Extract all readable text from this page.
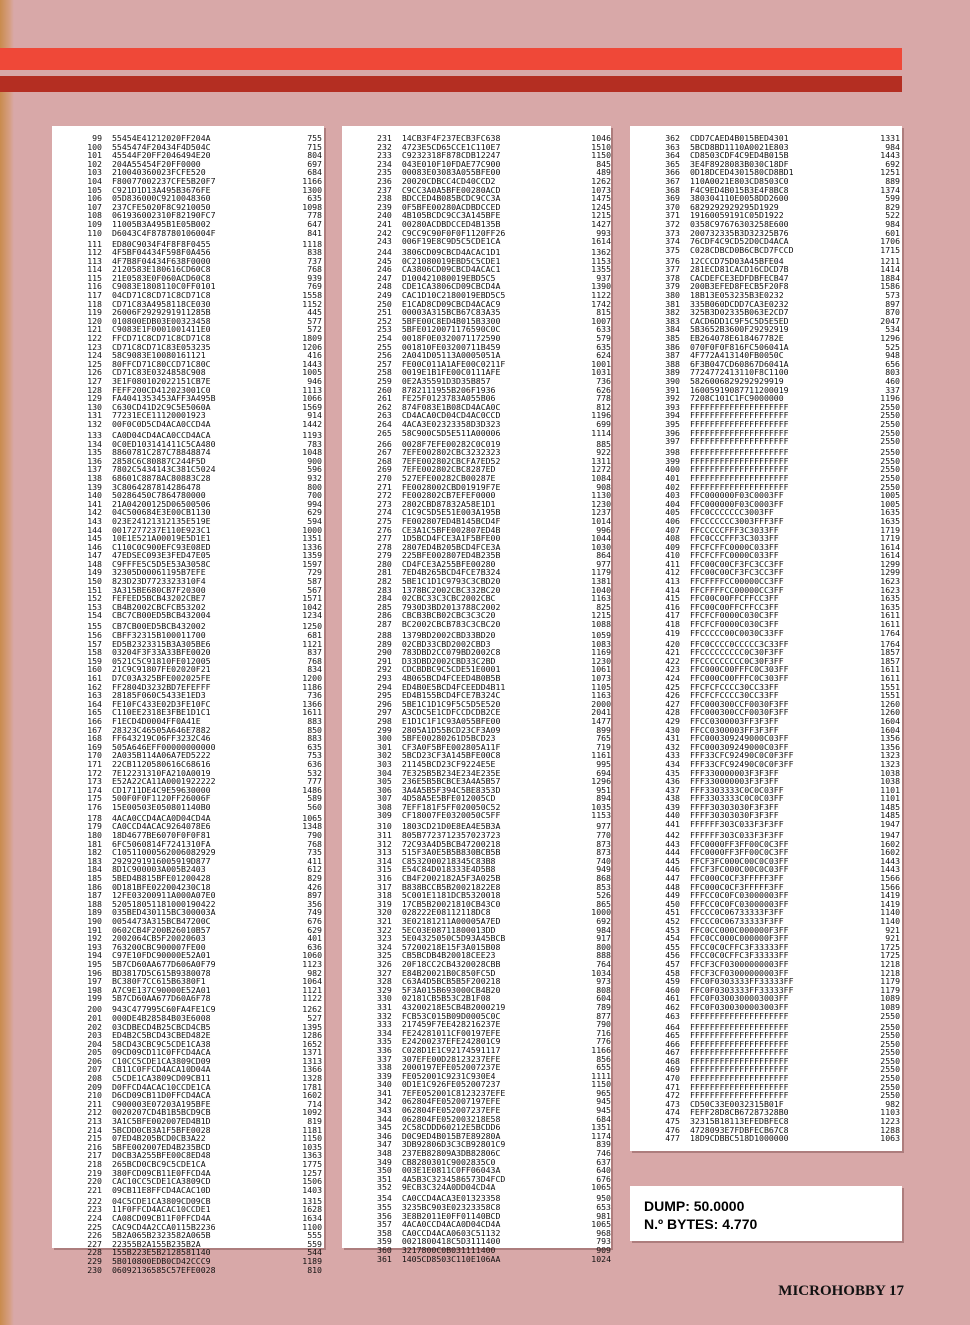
99	55454E41212020FF204A	755
100	5545474F20434F4D504C	715
101	45544F20FF2046494E20	804
102	204A55454F20FF0000	697
103	210040360023FCFE520	684
104	F80077002237CFE5B20F7	1166
105	C921D1D13A495B3676FE	1300
106	05D836000C9210048360	635
107	237CFE5020F8C9210050	1098
108	061936002310F82190FC7	778
109	11005B3A495B1E05B002	647
110	D6043C4F878780106004F	841
111	ED80C9034F4F8F8F0455	1118
112	4F5BF04434F598F0A456	838
113	4F7B8F04434F638F0000	737
114	2120583E180616CD60C8	768
115	21E0583E0F060ACD60C8	939
116	C9083E1808110C0FF0101	769
117	04CD71C8CD71C8CD71C8	1558
118	CD71C83A4958118CE030	1152
119	26006F2929291911285B	445
120	010800EDB03E00323458	577
121	C9083E1F0001001411E0	572
122	FFCD71C8CD71C8CD71C8	1809
123	CD71C8CD71C83E053235	1206
124	58C9083E10080161121	416
125	80FFCD71C80CCD71C80C	1443
126	CD71C83E0324858C908	1005
127	3E1F080102022151CB7E	946
128	FEFF200CD412023001C0	1113
129	FA4041353453AFF3A495B	1066
130	C630CD41D2C9C5E5060A	1569
131	77231ECE11120001923	914
132	00F0C0D5CD4ACA0CCD4A	1442
133	CA0D04CD4ACA0CCD4ACA	1193
134	0C0ED103141411C5CA480	783
135	8860781C287C78848874	1048
136	2858C6C80887C244F5D	900
137	7802C5434143C381C5024	596
138	68601C8878AC80883C28	932
139	3C8064287814286478	800
140	50286450C7864780000	700
141	21A04200125D06500506	994
142	04C500684E3E00CB1130	629
143	023E24121312135E519E	594
144	0017277237E110E923C1	1000
145	10E1E521A00019E5D1E1	1351
146	C110C0C900EFC93E08ED	1336
147	47EDSEC093E3FED47E05	1359
148	C9FFFE5C5D5E53A3058C	1597
149	32305D00061195B7EFE	729
150	823D23D7723323310F4	587
151	3A315BE680CB7F20300	567
152	FEFEED5BCB43202CBE7	1571
153	CB4B2002CBCFCB53202	1042
154	CBC7CB00ED5BCB432004	1234
155	CB7CB00ED5BCB432002	1250
156	CBFF32315B100011700	681
157	ED5B2323315B3A305BE6	1121
158	03204F3F33A33BFE0020	837
159	0521C5C91810FE012005	768
160	21C9C91807FE02020F21	834
161	D7C03A325BFE002025FE	1200
162	FF2804D3232BD7EFEFFF	1186
163	28185F060C5433E1ED3	736
164	FE10FC433E02D3FE10FC	1366
165	C110EE2318E3FBE1D1C1	1611
166	F1ECD4D0004FF0A41E	883
167	28323C46505A646E7882	850
168	FF643219C06FF3232C46	883
169	505A646EFF00000000000	635
170	2A035B114A06A7ED5222	753
171	22CB1120580616C68616	636
172	7E12231310FA210A0019	532
173	E52A22CA11A0001922222	777
174	CD1711DE4C9E59630000	1486
175	500F0F0F1120FF26006F	589
176	15E00503E050801140B0	560
178	4ACA0CCD4ACA0D04CD4A	1065
179	CA0CCD4ACAC9264078E6	1348
180	18D4677BE6070F0F0F81	790
181	6FC5060814F7241310FA	768
182	C10511000562006082929	735
183	2929291916005919D877	411
184	8D1C900003A005B2403	612
185	5BED4B815BFE01200428	829
186	0D181BFE022004230C18	426
187	12FE03200911A000A07E0	897
188	520518051181000190422	356
189	035BED430115BC300003A	749
190	0054473A315BCB47200C	676
191	0602CB4F200B26010B57	629
192	2002064CB5F20020603	401
193	763200CBC900007FE00	636
194	C97E10FDC90000E52A01	1060
195	5B7CD60AA677D606A0F79	1123
196	BD3817D5C615B9380078	982
197	BC380F7CC615B6380F1	1064
198	A7C9E137C90000E52A01	1121
199	5B7CD60AA677D60A6F78	1122
200	943C477995C60FA4FE1C9	1262
201	000DE4B28584B03E6008	527
202	03CDBECD4B25CBCD4CB5	1395
203	ED4B2C5BCD43CBED482E	1286
204	58CD43CBC9C5CDE1CA38	1652
205	09CD09CD11C0FFCD4ACA	1371
206	C10CC5CDE1CA3809CD09	1313
207	CB11C0FFCD4ACA10D04A	1366
208	C5CDE1CA3809CD09CB11	1328
209	D0FFCD4ACAC10CCDE1CA	1781
210	D6CD09CB11D0FFCD4ACA	1602
211	C900003E07203A195BFE	714
212	0020207CD4B1B5BCD9CB	1092
213	3A1C5BFE002007ED4B1D	819
214	5BCDD0CB3A1F5BFE0028	1181
215	07ED4B205BCD0CB3A22	1150
216	5BFE002007ED4B235BCD	1035
217	D0CB3A255BFE00C8ED48	1363
218	265BCD0CBC9C5CDE1CA	1775
219	380FCD09CB11E0FFCD4A	1257
220	CAC10CC5CDE1CA3809CD	1506
221	09CB11E8FFCD4ACAC10D	1403
222	04C5CDE1CA3809CD09CB	1315
223	11F0FFCD4ACAC10CCDE1	1628
224	CA08CD09CB11F0FFCD4A	1634
225	CAC9CD4A2CCA0115B2236	1100
226	5B2A065B2323582A065B	555
227	22355B2A155B235B2A	559
228	155B223E5B2128581140	544
229	5B010800EDB0CD42CCC9	1189
230	06092136585C57EFE0028	810
231	14CB3F4F237ECB3FC638	1046
232	4723E5CD65CCE1C110E7	1510
233	C9232318F878CDB12247	1150
234	043E010F10FDAE77C900	845
235	00083E03083A055BFE00	489
236	20020CDBCC4CD40CCD2	1262
237	C9CC3A0A5BFE00280ACD	1073
238	BDCCED4B085BCDC9CC3A	1475
239	0F5BFE00280ACDBDCCED	1245
240	4B105BCDC9CC3A145BFE	1215
241	00280ACDBDCCED4B135B	1427
242	C9CC9C90F0F0F1120FF26	993
243	006F19E8C9D5C5CDE1CA	1614
244	3806CD09CBCD4ACAC1D1	1362
245	0C21080019EBD5C5CDE1	1153
246	CA3806CD09CBCD4ACAC1	1355
247	D100421080019EBD5C5	937
248	CDE1CA3806CD09CBCD4A	1390
249	CAC1D10C2180019EBD5C5	1122
250	E1CAD8CD09CBCD4ACAC9	1742
251	00003A315BCB67C83A35	815
252	5BFE00C8ED4B015B3300	1007
253	5BFE0120071176590C0C	633
254	0018F0E0320071172590	579
255	001810FE03200711B459	635
256	2A041D05113A0005051A	624
257	FE00C011A1AFE00C0211F	1001
258	0019E1B1FE00C0111AFE	1031
259	0E2A35591D3D35B857	736
260	8782111955B206F1936	626
261	FE25F0123783A055B06	778
262	874F083E1B08CD4ACA0C	812
263	CD4ACA0CD04CD4AC0CCD	1196
264	4ACA3E02323358D3D323	699
265	58C900C5D5E511A00006	1114
266	0028F7EFE00282C0C019	885
267	7EFE002802CBC3232323	922
268	7EFE002802CBCFA7ED52	1311
269	7EFE002802CBC8287ED	1272
270	527EFE00282CB00287E	1084
271	FE0028002CBD01919F7E	908
272	FE002802CB7EFEF0000	1130
273	2802CBD87832A58E1D1	1230
274	C1C9C5D5E51E003A195B	1237
275	FE002807ED4B145BCD4F	1014
276	CE3A1C5BFE002807ED4B	996
277	1D5BCD4FCE3A1F5BFE00	1044
278	2807ED4B205BCD4FCE3A	1030
279	225BFE002807ED4B235B	864
280	CD4FCE3A255BFE00280	977
281	7ED4B265BCD4FCE7B324	1179
282	5BE1C1D1C9793C3CBD20	1381
283	1378BC2002CBC332BC20	1040
284	02CBC33C3CBC2002CBC	1163
285	7930D3BD2013788C2002	825
286	CBCB3BCB02CBC3C3C20	1215
287	BC2002CBCB783C3CBC20	1088
288	1379BD2002CBD33BD20	1059
289	02CBD33CBD2002CBD3	1083
290	783DBD2CC079BD2002C8	1169
291	D33DBD2002CBD33C2BD	1230
292	CDCBDBC9C5CDE51E0001	1061
293	4B065BCD4FCEED4B0B5B	1073
294	ED4B0E5BCD4FCEEDD4B11	1105
295	ED4B155BCD4FCE7B324C	1163
296	5BE1C1D1C9F5C5D5E520	2000
297	A3CDC5E1CDFCCDCDB2CE	2041
298	E1D1C1F1C93A055BFE00	1477
299	2805A1D55BCD23CF3A09	899
300	5BFE00280261D5BCD23	765
301	CF3A0F5BFE002805A11F	719
302	5BCD23CF3A145BFE00C8	1161
303	21145BCD23CF9224E5E	995
304	7E325B5B234E234E235E	694
305	236E5B5BCBCE3A4A5B57	1296
306	3A4A5B5F394C5BE8353D	951
307	4D58A5E5BFE012005CD	894
308	7EFF181F5FF020050C52	1035
309	CF18007FE0320050C5FF	1153
310	1803CD21D0E8EA4E5B3A	977
311	805B7723712357023723	770
312	72C93A4D5BCB47200218	873
313	515F3A0E5B5B830BCB5B	873
314	C8532000218345C83B8	740
315	E54C84D018333E4D5B8	949
316	CB4F2002182A5F3A025B	868
317	B838BCCB5B20021822E8	853
318	5C001E1181DCB5320018	526
319	17CB5B20021810CB43C0	865
320	028222E08112118DC8	1000
321	3E02181211A00005A7ED	692
322	5EC03E08711800013DD	984
323	5E04325050C5D93A45BCB	917
324	57200218E15F3A015B08	800
325	CB5BCDB4B20018CEE23	888
326	20F18CC2CB4320028CBB	764
327	E84B20021B0C850FC5D	1034
328	C63A4D5BCB5B5F200218	973
329	5F3A015B693000CB4B20	808
330	02181CB5B53C2B1F08	604
331	43200218E5CB4B2000219	789
332	FCB53C015B09D0005C0C	877
333	217459F7EE428216237E	790
334	FE24281011CF00197EFE	716
335	E24200237EFE242801C9	776
336	C028D1E1C92174591117	1166
337	307EFE00D28123237EFE	856
338	2000197EFE052007237E	655
339	FE052001C9231C930E4	1111
340	0D1E1C926FE052007237	1150
341	7EFE052001C8123237EFE	965
342	062804FE052007197EFE	945
343	062804FE052007237EFE	945
344	062804FE052003218E58	684
345	2C58CDDD60212E5BCDD6	1351
346	D0C9ED4B015B7E89280A	1174
347	3DB92806D3C3CB92801C9	839
348	237EB82809A3DB82806C	746
349	CB8280301C9002835C0	637
350	003E1E0811C0FF06043A	640
351	4A5B3C3234586573D4FCD	676
352	9ECB3C324A0DD04CD4A	1065
354	CA0CCD4ACA3E01323358	950
355	3235BC903E02323358C8	653
356	3E8B2011E0FF01140BCD	981
357	4ACA0CCD4ACA0D04CD4A	1065
358	CA0CCD4ACA0603C51132	968
359	0021800418C5D3111400	793
360	3217800C0B031111400	909
361	1405CD8503C110E106AA	1024
362	CDD7CAED4B015BED4301	1331
363	5BCD8BD1110A0021E803	984
364	CD8503CDF4C9ED4B015B	1443
365	3E4F8928083B030C18DF	692
366	0D18DCED4301580CD8BD1	1251
367	110A0021E803CD8503C0	889
368	F4C9ED4B015B3E4F8BC8	1374
369	380304110E0058DD2600	599
370	6829292929295D1929	829
371	19160059191C05D1922	522
372	0358C97676303258E600	984
373	200732335B3D32325B76	601
374	76CDF4C9CD52D0CD4ACA	1706
375	C028CDBCD0B6CBCD7FCCD	1715
376	12CCCD75D03A45BFE04	1211
377	281ECD81CACD16CDCD7B	1414
378	CACDEFCE3EDFDBFECB47	1884
379	200B3EFED8FECB5F20F8	1586
380	18B13E053235B3E0232	573
381	335B060DCDD7CA3E0232	897
382	325B3D02335B063E2CD7	870
383	CACD6DD1C9F5C5D5E5ED	2047
384	5B3652B3600F29292919	534
385	EB264078E618467782E	1296
386	070F0F0F816FC506041A	525
387	4F772A413140FB0050C	948
388	6F3B047CD60867D6041A	656
389	7724772413110F8C1100	803
390	5826006829292929919	460
391	16005919087711200019	337
392	7208C101C1FC9000000	1196
393	FFFFFFFFFFFFFFFFFFFF	2550
394	FFFFFFFFFFFFFFFFFFFF	2550
395	FFFFFFFFFFFFFFFFFFFF	2550
396	FFFFFFFFFFFFFFFFFFFF	2550
397	FFFFFFFFFFFFFFFFFFFF	2550
398	FFFFFFFFFFFFFFFFFFFF	2550
399	FFFFFFFFFFFFFFFFFFFF	2550
400	FFFFFFFFFFFFFFFFFFFF	2550
401	FFFFFFFFFFFFFFFFFFFF	2550
402	FFFFFFFFFFFFFFFFFFFF	2550
403	FFC000000F03C0003FF	1005
404	FFC000000F03C0003FF	1005
405	FFC0CCCCCCC3003FF	1635
406	FFCCCCCCC3003FFF3FF	1635
407	FFCCCCCFFF3C3033FF	1719
408	FFC0CCCFFF3C3033FF	1719
409	FFCFCFFC0000C033FF	1614
410	FFCFCFFC0000C033FF	1614
411	FFC00C00CF3FC3CC3FF	1299
412	FFC00C00CF3FC3CC3FF	1299
413	FFCFFFFCC00000CC3FF	1623
414	FFCFFFFCC00000CC3FF	1623
415	FFC00C00FFCFFCC3FF	1635
416	FFC00C00FFCFFCC3FF	1635
417	FFCFCF0000C030C3FF	1611
418	FFCFCF0000C030C3FF	1611
419	FFCCCCC00C0030C33FF	1764
420	FFC0CCCC0CCCCC3C33FF	1764
421	FFCCCCCCCCC0C30F3FF	1857
422	FFCCCCCCCCC0C30F3FF	1857
423	FFC000C00FFFC0C303FF	1611
424	FFC000C00FFFC0C303FF	1611
425	FFCFCFCCCC30CC33FF	1551
426	FFCFCFCCCC30CC33FF	1551
427	FFC000300CCF0030F3FF	1260
428	FFC000300CCF0030F3FF	1260
429	FFCC0300003FF3F3FF	1604
430	FFCC0300003FF3F3FF	1604
431	FFC000309249000C03FF	1356
432	FFC000309249000C03FF	1356
433	FFF33CFC92490C0C0F3FF	1323
434	FFF33CFC92490C0C0F3FF	1323
435	FFF330000003F3F3FF	1038
436	FFF330000003F3F3FF	1038
437	FFF3303333C0C0C03FF	1101
438	FFF3303333C0C0C03FF	1101
439	FFFF30303030F3F3FF	1485
440	FFFF30303030F3F3FF	1485
441	FFFFFF303C033F3F3FF	1947
442	FFFFFF303C033F3F3FF	1947
443	FFC0000FF3FF00C0C3FF	1602
444	FFC0000FF3FF00C0C3FF	1602
445	FFCF3FC000C00C0C03FF	1443
446	FFCF3FC000C00C0C03FF	1443
447	FFC000C0CF3FFFFF3FF	1566
448	FFC000C0CF3FFFFF3FF	1566
449	FFFCC0C0FC03000003FF	1419
450	FFFCC0C0FC03000003FF	1419
451	FFCCC0C06733333F3FF	1140
452	FFCCC0C06733333F3FF	1140
453	FFC0CC000C000000F3FF	921
454	FFC0CC000C000000F3FF	921
455	FFCC0C0CFFC3F33333FF	1725
456	FFCC0C0CFFC3F33333FF	1725
457	FFCF3CF03000000003FF	1218
458	FFCF3CF03000000003FF	1218
459	FFC0F0303333FF33333FF	1179
460	FFC0F0303333FF33333FF	1179
461	FFC0F0300300003003FF	1089
462	FFC0F0300300003003FF	1089
463	FFFFFFFFFFFFFFFFFFFF	2550
464	FFFFFFFFFFFFFFFFFFFF	2550
465	FFFFFFFFFFFFFFFFFFFF	2550
466	FFFFFFFFFFFFFFFFFFFF	2550
467	FFFFFFFFFFFFFFFFFFFF	2550
468	FFFFFFFFFFFFFFFFFFFF	2550
469	FFFFFFFFFFFFFFFFFFFF	2550
470	FFFFFFFFFFFFFFFFFFFF	2550
471	FFFFFFFFFFFFFFFFFFFF	2550
472	FFFFFFFFFFFFFFFFFFFF	2550
473	CD50C33E0032315B01F	982
474	FEFF28D8CB67287328B0	1103
475	32315B18113EFEDBFEC8	1223
476	4728093E7FDBFECB67C8	1288
477	18D9CDBBC518D1000000	1063
DUMP: 50.0000
N.º BYTES: 4.770
MICROHOBBY 17
